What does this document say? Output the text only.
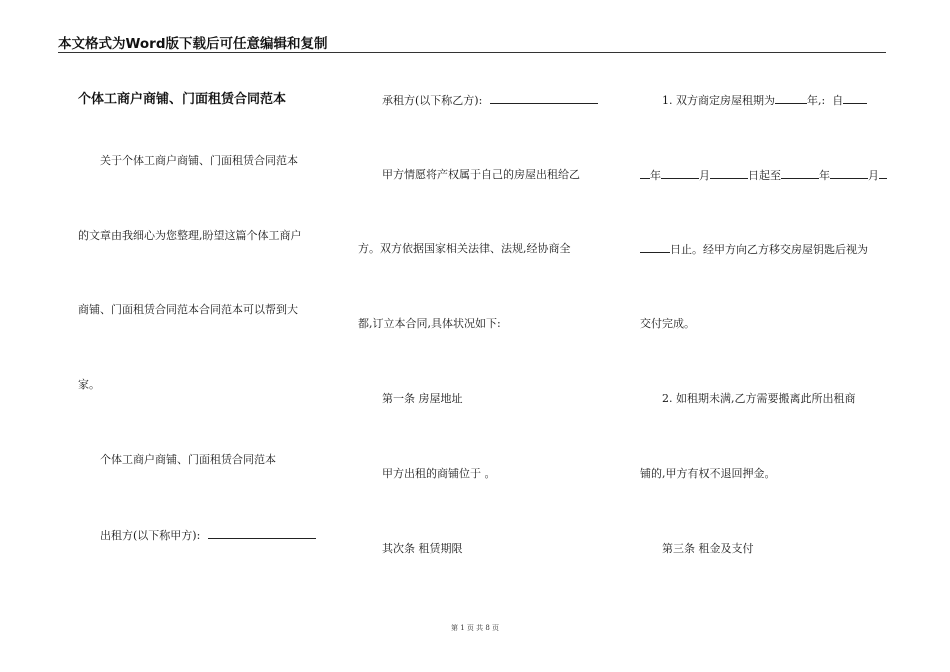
本文格式为Word版下载后可任意编辑和复制
个体工商户商铺、门面租赁合同范本
关于个体工商户商铺、门面租赁合同范本
的文章由我细心为您整理,盼望这篇个体工商户
商铺、门面租赁合同范本合同范本可以帮到大
家。
个体工商户商铺、门面租赁合同范本
出租方(以下称甲方):
承租方(以下称乙方):
甲方情愿将产权属于自己的房屋出租给乙
方。双方依据国家相关法律、法规,经协商全
都,订立本合同,具体状况如下:
第一条 房屋地址
甲方出租的商铺位于 。
其次条 租赁期限
1. 双方商定房屋租期为	年,: 自
年	月	日起至	年	月
日止。经甲方向乙方移交房屋钥匙后视为
交付完成。
2. 如租期未满,乙方需要搬离此所出租商
铺的,甲方有权不退回押金。
第三条 租金及支付
第 1 页 共 8 页
